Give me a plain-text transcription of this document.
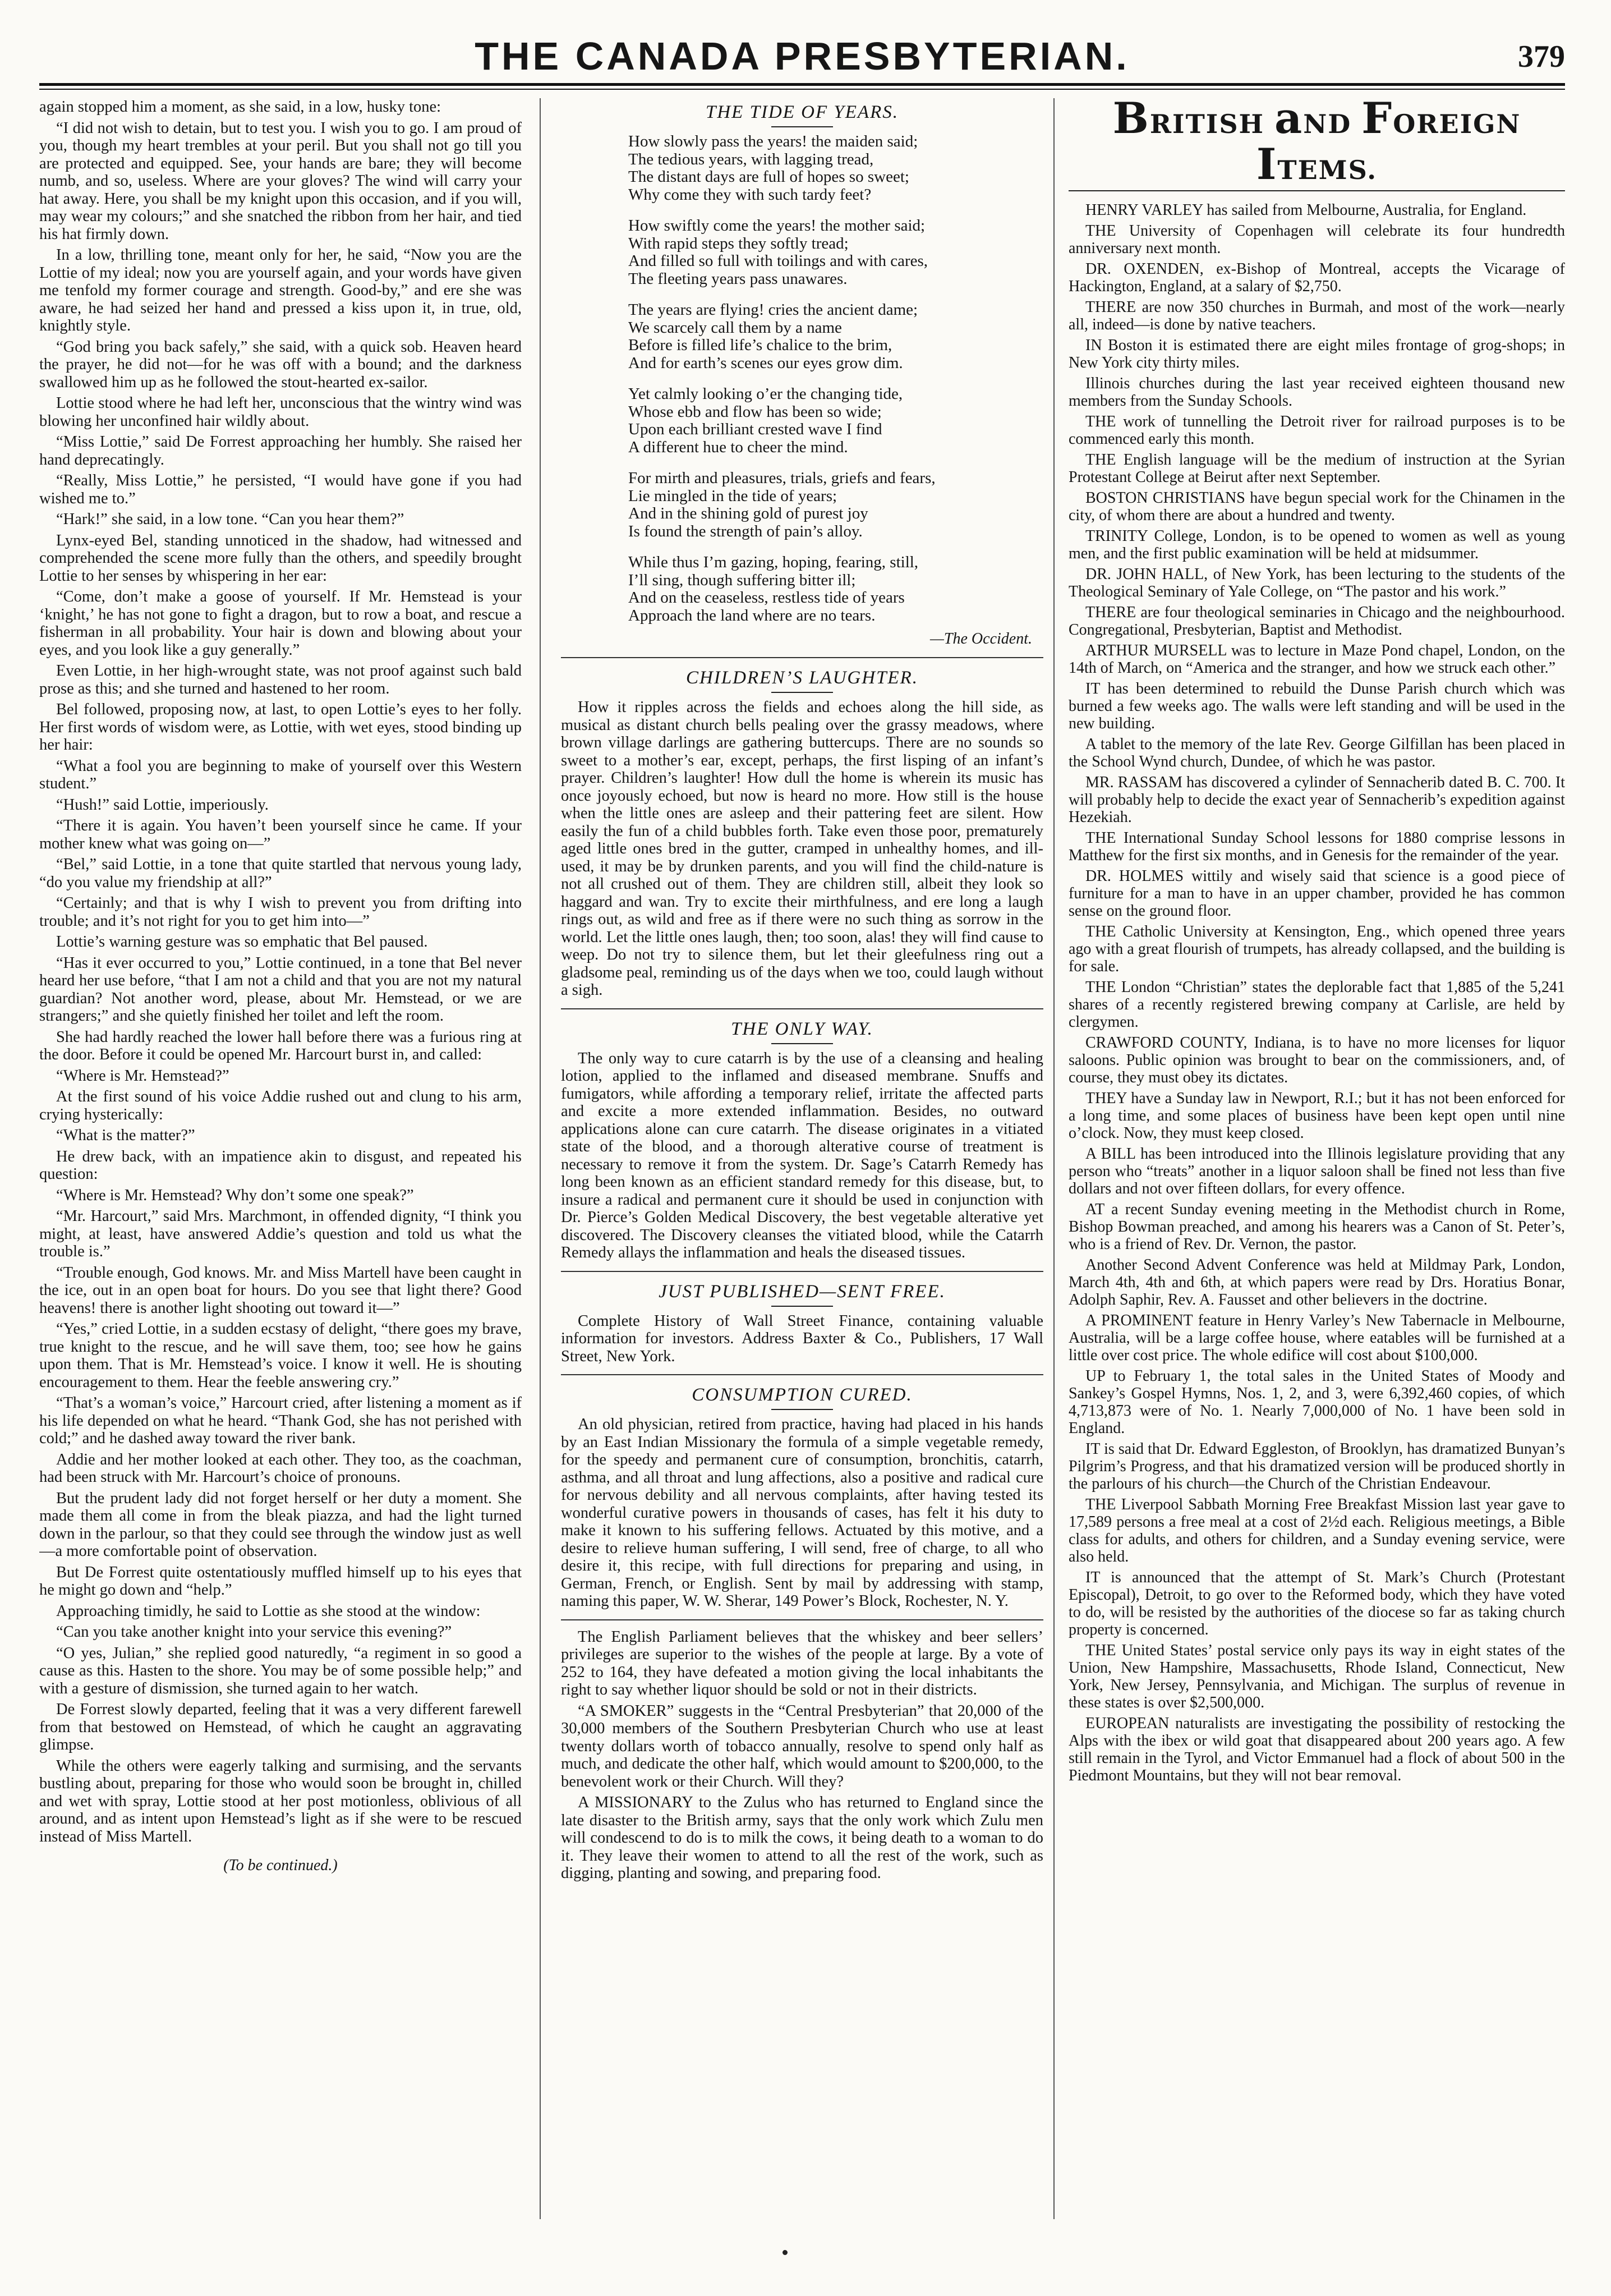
THE CANADA PRESBYTERIAN.	379

again stopped him a moment, as she said, in a low, husky tone:

“I did not wish to detain, but to test you. I wish you to go. I am proud of you, though my heart trembles at your peril. But you shall not go till you are protected and equipped. See, your hands are bare; they will become numb, and so, useless. Where are your gloves? The wind will carry your hat away. Here, you shall be my knight upon this occasion, and if you will, may wear my colours;” and she snatched the ribbon from her hair, and tied his hat firmly down.

In a low, thrilling tone, meant only for her, he said, “Now you are the Lottie of my ideal; now you are yourself again, and your words have given me tenfold my former courage and strength. Good-by,” and ere she was aware, he had seized her hand and pressed a kiss upon it, in true, old, knightly style.

“God bring you back safely,” she said, with a quick sob. Heaven heard the prayer, he did not—for he was off with a bound; and the darkness swallowed him up as he followed the stout-hearted ex-sailor.

Lottie stood where he had left her, unconscious that the wintry wind was blowing her unconfined hair wildly about.

“Miss Lottie,” said De Forrest approaching her humbly. She raised her hand deprecatingly.

“Really, Miss Lottie,” he persisted, “I would have gone if you had wished me to.”

“Hark!” she said, in a low tone. “Can you hear them?”

Lynx-eyed Bel, standing unnoticed in the shadow, had witnessed and comprehended the scene more fully than the others, and speedily brought Lottie to her senses by whispering in her ear:

“Come, don’t make a goose of yourself. If Mr. Hemstead is your ‘knight,’ he has not gone to fight a dragon, but to row a boat, and rescue a fisherman in all probability. Your hair is down and blowing about your eyes, and you look like a guy generally.”

Even Lottie, in her high-wrought state, was not proof against such bald prose as this; and she turned and hastened to her room.

Bel followed, proposing now, at last, to open Lottie’s eyes to her folly. Her first words of wisdom were, as Lottie, with wet eyes, stood binding up her hair:

“What a fool you are beginning to make of yourself over this Western student.”

“Hush!” said Lottie, imperiously.

“There it is again. You haven’t been yourself since he came. If your mother knew what was going on—”

“Bel,” said Lottie, in a tone that quite startled that nervous young lady, “do you value my friendship at all?”

“Certainly; and that is why I wish to prevent you from drifting into trouble; and it’s not right for you to get him into—”

Lottie’s warning gesture was so emphatic that Bel paused.

“Has it ever occurred to you,” Lottie continued, in a tone that Bel never heard her use before, “that I am not a child and that you are not my natural guardian? Not another word, please, about Mr. Hemstead, or we are strangers;” and she quietly finished her toilet and left the room.

She had hardly reached the lower hall before there was a furious ring at the door. Before it could be opened Mr. Harcourt burst in, and called:

“Where is Mr. Hemstead?”

At the first sound of his voice Addie rushed out and clung to his arm, crying hysterically:

“What is the matter?”

He drew back, with an impatience akin to disgust, and repeated his question:

“Where is Mr. Hemstead? Why don’t some one speak?”

“Mr. Harcourt,” said Mrs. Marchmont, in offended dignity, “I think you might, at least, have answered Addie’s question and told us what the trouble is.”

“Trouble enough, God knows. Mr. and Miss Martell have been caught in the ice, out in an open boat for hours. Do you see that light there? Good heavens! there is another light shooting out toward it—”

“Yes,” cried Lottie, in a sudden ecstasy of delight, “there goes my brave, true knight to the rescue, and he will save them, too; see how he gains upon them. That is Mr. Hemstead’s voice. I know it well. He is shouting encouragement to them. Hear the feeble answering cry.”

“That’s a woman’s voice,” Harcourt cried, after listening a moment as if his life depended on what he heard. “Thank God, she has not perished with cold;” and he dashed away toward the river bank.

Addie and her mother looked at each other. They too, as the coachman, had been struck with Mr. Harcourt’s choice of pronouns.

But the prudent lady did not forget herself or her duty a moment. She made them all come in from the bleak piazza, and had the light turned down in the parlour, so that they could see through the window just as well—a more comfortable point of observation.

But De Forrest quite ostentatiously muffled himself up to his eyes that he might go down and “help.”

Approaching timidly, he said to Lottie as she stood at the window:

“Can you take another knight into your service this evening?”

“O yes, Julian,” she replied good naturedly, “a regiment in so good a cause as this. Hasten to the shore. You may be of some possible help;” and with a gesture of dismission, she turned again to her watch.

De Forrest slowly departed, feeling that it was a very different farewell from that bestowed on Hemstead, of which he caught an aggravating glimpse.

While the others were eagerly talking and surmising, and the servants bustling about, preparing for those who would soon be brought in, chilled and wet with spray, Lottie stood at her post motionless, oblivious of all around, and as intent upon Hemstead’s light as if she were to be rescued instead of Miss Martell.

(To be continued.)
THE TIDE OF YEARS.
How slowly pass the years! the maiden said;
The tedious years, with lagging tread,
The distant days are full of hopes so sweet;
Why come they with such tardy feet?
How swiftly come the years! the mother said;
With rapid steps they softly tread;
And filled so full with toilings and with cares,
The fleeting years pass unawares.
The years are flying! cries the ancient dame;
We scarcely call them by a name
Before is filled life’s chalice to the brim,
And for earth’s scenes our eyes grow dim.
Yet calmly looking o’er the changing tide,
Whose ebb and flow has been so wide;
Upon each brilliant crested wave I find
A different hue to cheer the mind.
For mirth and pleasures, trials, griefs and fears,
Lie mingled in the tide of years;
And in the shining gold of purest joy
Is found the strength of pain’s alloy.
While thus I’m gazing, hoping, fearing, still,
I’ll sing, though suffering bitter ill;
And on the ceaseless, restless tide of years
Approach the land where are no tears.
—The Occident.
CHILDREN’S LAUGHTER.

How it ripples across the fields and echoes along the hill side, as musical as distant church bells pealing over the grassy meadows, where brown village darlings are gathering buttercups. There are no sounds so sweet to a mother’s ear, except, perhaps, the first lisping of an infant’s prayer. Children’s laughter! How dull the home is wherein its music has once joyously echoed, but now is heard no more. How still is the house when the little ones are asleep and their pattering feet are silent. How easily the fun of a child bubbles forth. Take even those poor, prematurely aged little ones bred in the gutter, cramped in unhealthy homes, and ill-used, it may be by drunken parents, and you will find the child-nature is not all crushed out of them. They are children still, albeit they look so haggard and wan. Try to excite their mirthfulness, and ere long a laugh rings out, as wild and free as if there were no such thing as sorrow in the world. Let the little ones laugh, then; too soon, alas! they will find cause to weep. Do not try to silence them, but let their gleefulness ring out a gladsome peal, reminding us of the days when we too, could laugh without a sigh.

THE ONLY WAY.

The only way to cure catarrh is by the use of a cleansing and healing lotion, applied to the inflamed and diseased membrane. Snuffs and fumigators, while affording a temporary relief, irritate the affected parts and excite a more extended inflammation. Besides, no outward applications alone can cure catarrh. The disease originates in a vitiated state of the blood, and a thorough alterative course of treatment is necessary to remove it from the system. Dr. Sage’s Catarrh Remedy has long been known as an efficient standard remedy for this disease, but, to insure a radical and permanent cure it should be used in conjunction with Dr. Pierce’s Golden Medical Discovery, the best vegetable alterative yet discovered. The Discovery cleanses the vitiated blood, while the Catarrh Remedy allays the inflammation and heals the diseased tissues.

JUST PUBLISHED—SENT FREE.

Complete History of Wall Street Finance, containing valuable information for investors. Address Baxter & Co., Publishers, 17 Wall Street, New York.

CONSUMPTION CURED.

An old physician, retired from practice, having had placed in his hands by an East Indian Missionary the formula of a simple vegetable remedy, for the speedy and permanent cure of consumption, bronchitis, catarrh, asthma, and all throat and lung affections, also a positive and radical cure for nervous debility and all nervous complaints, after having tested its wonderful curative powers in thousands of cases, has felt it his duty to make it known to his suffering fellows. Actuated by this motive, and a desire to relieve human suffering, I will send, free of charge, to all who desire it, this recipe, with full directions for preparing and using, in German, French, or English. Sent by mail by addressing with stamp, naming this paper, W. W. Sherar, 149 Power’s Block, Rochester, N. Y.

The English Parliament believes that the whiskey and beer sellers’ privileges are superior to the wishes of the people at large. By a vote of 252 to 164, they have defeated a motion giving the local inhabitants the right to say whether liquor should be sold or not in their districts.

“A SMOKER” suggests in the “Central Presbyterian” that 20,000 of the 30,000 members of the Southern Presbyterian Church who use at least twenty dollars worth of tobacco annually, resolve to spend only half as much, and dedicate the other half, which would amount to $200,000, to the benevolent work or their Church. Will they?

A MISSIONARY to the Zulus who has returned to England since the late disaster to the British army, says that the only work which Zulu men will condescend to do is to milk the cows, it being death to a woman to do it. They leave their women to attend to all the rest of the work, such as digging, planting and sowing, and preparing food.

BRITISH aND FOREIGN ITEMS.

HENRY VARLEY has sailed from Melbourne, Australia, for England.

THE University of Copenhagen will celebrate its four hundredth anniversary next month.

DR. OXENDEN, ex-Bishop of Montreal, accepts the Vicarage of Hackington, England, at a salary of $2,750.

THERE are now 350 churches in Burmah, and most of the work—nearly all, indeed—is done by native teachers.

IN Boston it is estimated there are eight miles frontage of grog-shops; in New York city thirty miles.

Illinois churches during the last year received eighteen thousand new members from the Sunday Schools.

THE work of tunnelling the Detroit river for railroad purposes is to be commenced early this month.

THE English language will be the medium of instruction at the Syrian Protestant College at Beirut after next September.

BOSTON CHRISTIANS have begun special work for the Chinamen in the city, of whom there are about a hundred and twenty.

TRINITY College, London, is to be opened to women as well as young men, and the first public examination will be held at midsummer.

DR. JOHN HALL, of New York, has been lecturing to the students of the Theological Seminary of Yale College, on “The pastor and his work.”

THERE are four theological seminaries in Chicago and the neighbourhood. Congregational, Presbyterian, Baptist and Methodist.

ARTHUR MURSELL was to lecture in Maze Pond chapel, London, on the 14th of March, on “America and the stranger, and how we struck each other.”

IT has been determined to rebuild the Dunse Parish church which was burned a few weeks ago. The walls were left standing and will be used in the new building.

A tablet to the memory of the late Rev. George Gilfillan has been placed in the School Wynd church, Dundee, of which he was pastor.

MR. RASSAM has discovered a cylinder of Sennacherib dated B. C. 700. It will probably help to decide the exact year of Sennacherib’s expedition against Hezekiah.

THE International Sunday School lessons for 1880 comprise lessons in Matthew for the first six months, and in Genesis for the remainder of the year.

DR. HOLMES wittily and wisely said that science is a good piece of furniture for a man to have in an upper chamber, provided he has common sense on the ground floor.

THE Catholic University at Kensington, Eng., which opened three years ago with a great flourish of trumpets, has already collapsed, and the building is for sale.

THE London “Christian” states the deplorable fact that 1,885 of the 5,241 shares of a recently registered brewing company at Carlisle, are held by clergymen.

CRAWFORD COUNTY, Indiana, is to have no more licenses for liquor saloons. Public opinion was brought to bear on the commissioners, and, of course, they must obey its dictates.

THEY have a Sunday law in Newport, R.I.; but it has not been enforced for a long time, and some places of business have been kept open until nine o’clock. Now, they must keep closed.

A BILL has been introduced into the Illinois legislature providing that any person who “treats” another in a liquor saloon shall be fined not less than five dollars and not over fifteen dollars, for every offence.

AT a recent Sunday evening meeting in the Methodist church in Rome, Bishop Bowman preached, and among his hearers was a Canon of St. Peter’s, who is a friend of Rev. Dr. Vernon, the pastor.

Another Second Advent Conference was held at Mildmay Park, London, March 4th, 4th and 6th, at which papers were read by Drs. Horatius Bonar, Adolph Saphir, Rev. A. Fausset and other believers in the doctrine.

A PROMINENT feature in Henry Varley’s New Tabernacle in Melbourne, Australia, will be a large coffee house, where eatables will be furnished at a little over cost price. The whole edifice will cost about $100,000.

UP to February 1, the total sales in the United States of Moody and Sankey’s Gospel Hymns, Nos. 1, 2, and 3, were 6,392,460 copies, of which 4,713,873 were of No. 1. Nearly 7,000,000 of No. 1 have been sold in England.

IT is said that Dr. Edward Eggleston, of Brooklyn, has dramatized Bunyan’s Pilgrim’s Progress, and that his dramatized version will be produced shortly in the parlours of his church—the Church of the Christian Endeavour.

THE Liverpool Sabbath Morning Free Breakfast Mission last year gave to 17,589 persons a free meal at a cost of 2½d each. Religious meetings, a Bible class for adults, and others for children, and a Sunday evening service, were also held.

IT is announced that the attempt of St. Mark’s Church (Protestant Episcopal), Detroit, to go over to the Reformed body, which they have voted to do, will be resisted by the authorities of the diocese so far as taking church property is concerned.

THE United States’ postal service only pays its way in eight states of the Union, New Hampshire, Massachusetts, Rhode Island, Connecticut, New York, New Jersey, Pennsylvania, and Michigan. The surplus of revenue in these states is over $2,500,000.

EUROPEAN naturalists are investigating the possibility of restocking the Alps with the ibex or wild goat that disappeared about 200 years ago. A few still remain in the Tyrol, and Victor Emmanuel had a flock of about 500 in the Piedmont Mountains, but they will not bear removal.
